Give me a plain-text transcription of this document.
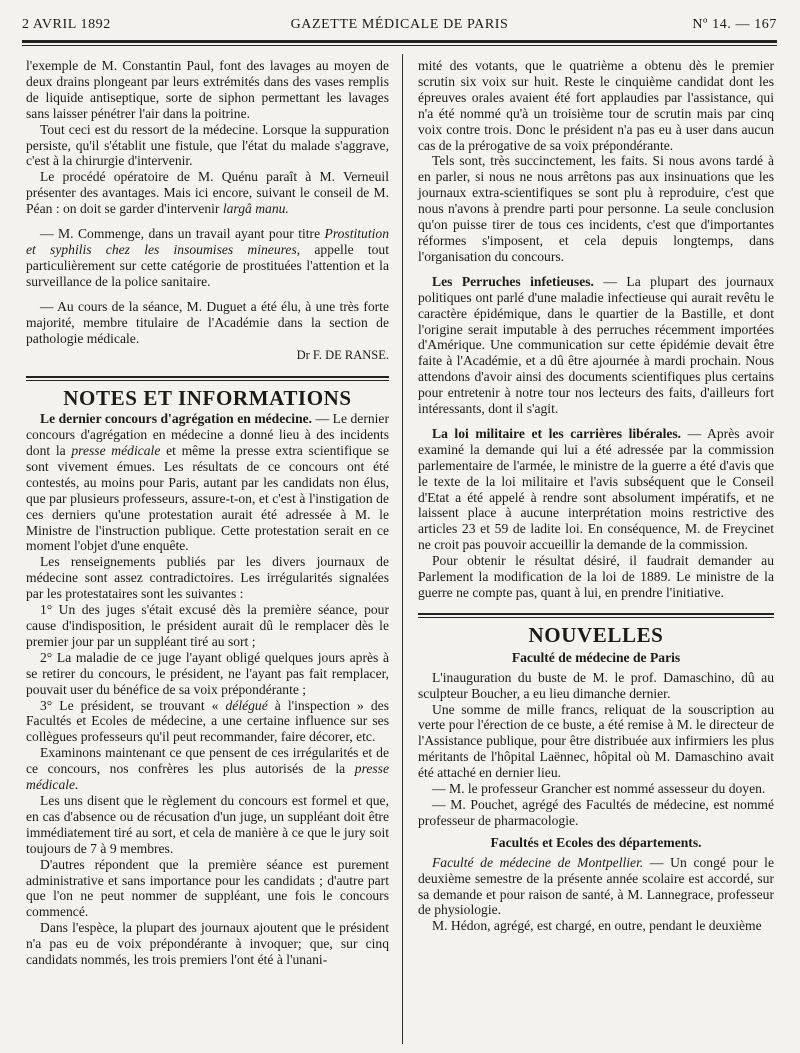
2 AVRIL 1892	GAZETTE MÉDICALE DE PARIS	Nº 14. — 167

l'exemple de M. Constantin Paul, font des lavages au moyen de deux drains plongeant par leurs extrémités dans des vases remplis de liquide antiseptique, sorte de siphon permettant les lavages sans laisser pénétrer l'air dans la poitrine.

Tout ceci est du ressort de la médecine. Lorsque la suppuration persiste, qu'il s'établit une fistule, que l'état du malade s'aggrave, c'est à la chirurgie d'intervenir.

Le procédé opératoire de M. Quénu paraît à M. Verneuil présenter des avantages. Mais ici encore, suivant le conseil de M. Péan : on doit se garder d'intervenir largâ manu.

— M. Commenge, dans un travail ayant pour titre Prostitution et syphilis chez les insoumises mineures, appelle tout particulièrement sur cette catégorie de prostituées l'attention et la surveillance de la police sanitaire.

— Au cours de la séance, M. Duguet a été élu, à une très forte majorité, membre titulaire de l'Académie dans la section de pathologie médicale.

Dr F. DE RANSE.
NOTES ET INFORMATIONS

Le dernier concours d'agrégation en médecine. — Le dernier concours d'agrégation en médecine a donné lieu à des incidents dont la presse médicale et même la presse extra scientifique se sont vivement émues. Les résultats de ce concours ont été contestés, au moins pour Paris, autant par les candidats non élus, que par plusieurs professeurs, assure-t-on, et c'est à l'instigation de ces derniers qu'une protestation aurait été adressée à M. le Ministre de l'instruction publique. Cette protestation serait en ce moment l'objet d'une enquête.

Les renseignements publiés par les divers journaux de médecine sont assez contradictoires. Les irrégularités signalées par les protestataires sont les suivantes :

1° Un des juges s'était excusé dès la première séance, pour cause d'indisposition, le président aurait dû le remplacer dès le premier jour par un suppléant tiré au sort ;

2° La maladie de ce juge l'ayant obligé quelques jours après à se retirer du concours, le président, ne l'ayant pas fait remplacer, pouvait user du bénéfice de sa voix prépondérante ;

3° Le président, se trouvant « délégué à l'inspection » des Facultés et Ecoles de médecine, a une certaine influence sur ses collègues professeurs qu'il peut recommander, faire décorer, etc.

Examinons maintenant ce que pensent de ces irrégularités et de ce concours, nos confrères les plus autorisés de la presse médicale.

Les uns disent que le règlement du concours est formel et que, en cas d'absence ou de récusation d'un juge, un suppléant doit être immédiatement tiré au sort, et cela de manière à ce que le jury soit toujours de 7 à 9 membres.

D'autres répondent que la première séance est purement administrative et sans importance pour les candidats ; d'autre part que l'on ne peut nommer de suppléant, une fois le concours commencé.

Dans l'espèce, la plupart des journaux ajoutent que le président n'a pas eu de voix prépondérante à invoquer; que, sur cinq candidats nommés, les trois premiers l'ont été à l'unani-

mité des votants, que le quatrième a obtenu dès le premier scrutin six voix sur huit. Reste le cinquième candidat dont les épreuves orales avaient été fort applaudies par l'assistance, qui n'a été nommé qu'à un troisième tour de scrutin mais par cinq voix contre trois. Donc le président n'a pas eu à user dans aucun cas de la prérogative de sa voix prépondérante.

Tels sont, très succinctement, les faits. Si nous avons tardé à en parler, si nous ne nous arrêtons pas aux insinuations que les journaux extra-scientifiques se sont plu à reproduire, c'est que nous n'avons à prendre parti pour personne. La seule conclusion qu'on puisse tirer de tous ces incidents, c'est que d'importantes réformes s'imposent, et cela depuis longtemps, dans l'organisation du concours.

Les Perruches infetieuses. — La plupart des journaux politiques ont parlé d'une maladie infectieuse qui aurait revêtu le caractère épidémique, dans le quartier de la Bastille, et dont l'origine serait imputable à des perruches récemment importées d'Amérique. Une communication sur cette épidémie devait être faite à l'Académie, et a dû être ajournée à mardi prochain. Nous attendons d'avoir ainsi des documents scientifiques plus certains pour entretenir à notre tour nos lecteurs des faits, d'ailleurs fort intéressants, dont il s'agit.

La loi militaire et les carrières libérales. — Après avoir examiné la demande qui lui a été adressée par la commission parlementaire de l'armée, le ministre de la guerre a été d'avis que le texte de la loi militaire et l'avis subséquent que le Conseil d'Etat a été appelé à rendre sont absolument impératifs, et ne laissent place à aucune interprétation moins restrictive des articles 23 et 59 de ladite loi. En conséquence, M. de Freycinet ne croit pas pouvoir accueillir la demande de la commission.

Pour obtenir le résultat désiré, il faudrait demander au Parlement la modification de la loi de 1889. Le ministre de la guerre ne compte pas, quant à lui, en prendre l'initiative.

NOUVELLES
Faculté de médecine de Paris

L'inauguration du buste de M. le prof. Damaschino, dû au sculpteur Boucher, a eu lieu dimanche dernier.

Une somme de mille francs, reliquat de la souscription au verte pour l'érection de ce buste, a été remise à M. le directeur de l'Assistance publique, pour être distribuée aux infirmiers les plus méritants de l'hôpital Laënnec, hôpital où M. Damaschino avait été attaché en dernier lieu.

— M. le professeur Grancher est nommé assesseur du doyen.

— M. Pouchet, agrégé des Facultés de médecine, est nommé professeur de pharmacologie.

Facultés et Ecoles des départements.

Faculté de médecine de Montpellier. — Un congé pour le deuxième semestre de la présente année scolaire est accordé, sur sa demande et pour raison de santé, à M. Lannegrace, professeur de physiologie.

M. Hédon, agrégé, est chargé, en outre, pendant le deuxième
